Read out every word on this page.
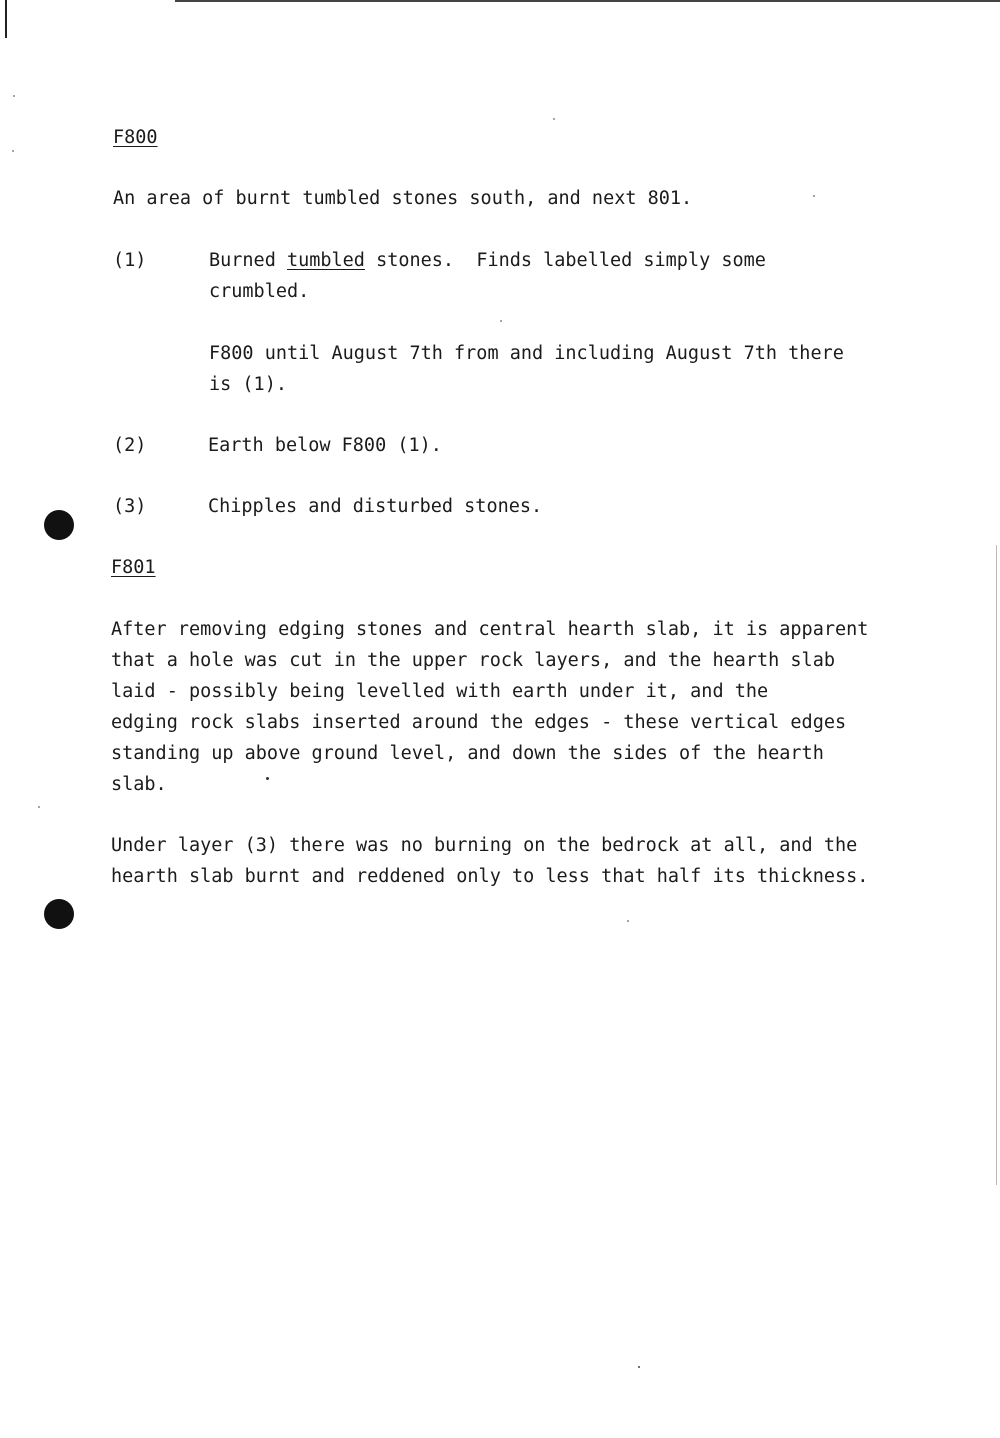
F800

An area of burnt tumbled stones south, and next 801.

(1)	Burned tumbled stones.  Finds labelled simply some

crumbled.

F800 until August 7th from and including August 7th there

is (1).

(2)	Earth below F800 (1).

(3)	Chipples and disturbed stones.

F801

After removing edging stones and central hearth slab, it is apparent

that a hole was cut in the upper rock layers, and the hearth slab

laid - possibly being levelled with earth under it, and the

edging rock slabs inserted around the edges - these vertical edges

standing up above ground level, and down the sides of the hearth

slab.

Under layer (3) there was no burning on the bedrock at all, and the

hearth slab burnt and reddened only to less that half its thickness.
